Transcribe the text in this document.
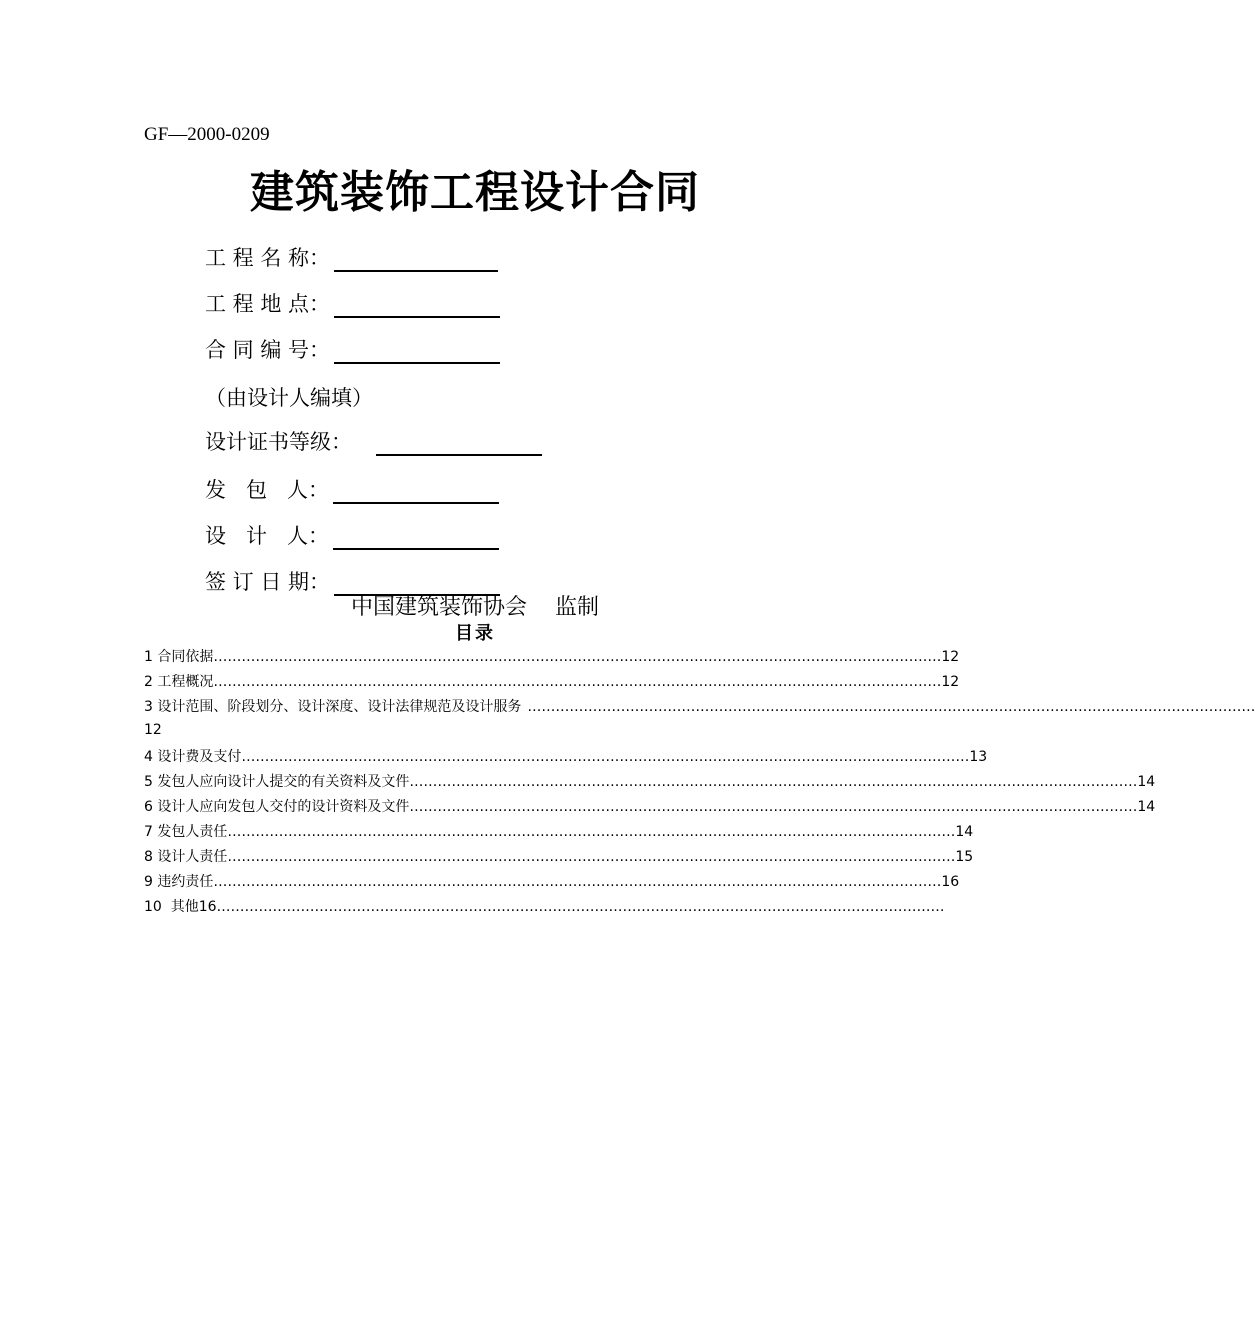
GF—2000-0209
建筑装饰工程设计合同
工 程 名 称：
工 程 地 点：
合 同 编 号：
（由设计人编填）
设计证书等级：
发   包   人：
设   计   人：
签 订 日 期：
中国建筑装饰协会    监制
目录
1 合同依据 ………………………………………………………………………………………………………………………………………… 12
2 工程概况 ………………………………………………………………………………………………………………………………………… 12
3 设计范围、阶段划分、设计深度、设计法律规范及设计服务 …………………………………………………………………………………………………………………………………………
12
4 设计费及支付 ………………………………………………………………………………………………………………………………………… 13
5 发包人应向设计人提交的有关资料及文件 ………………………………………………………………………………………………………………………………………… 14
6 设计人应向发包人交付的设计资料及文件 ………………………………………………………………………………………………………………………………………… 14
7 发包人责任 ………………………………………………………………………………………………………………………………………… 14
8 设计人责任 ………………………………………………………………………………………………………………………………………… 15
9 违约责任 ………………………………………………………………………………………………………………………………………… 16
10  其他 16 …………………………………………………………………………………………………………………………………………
